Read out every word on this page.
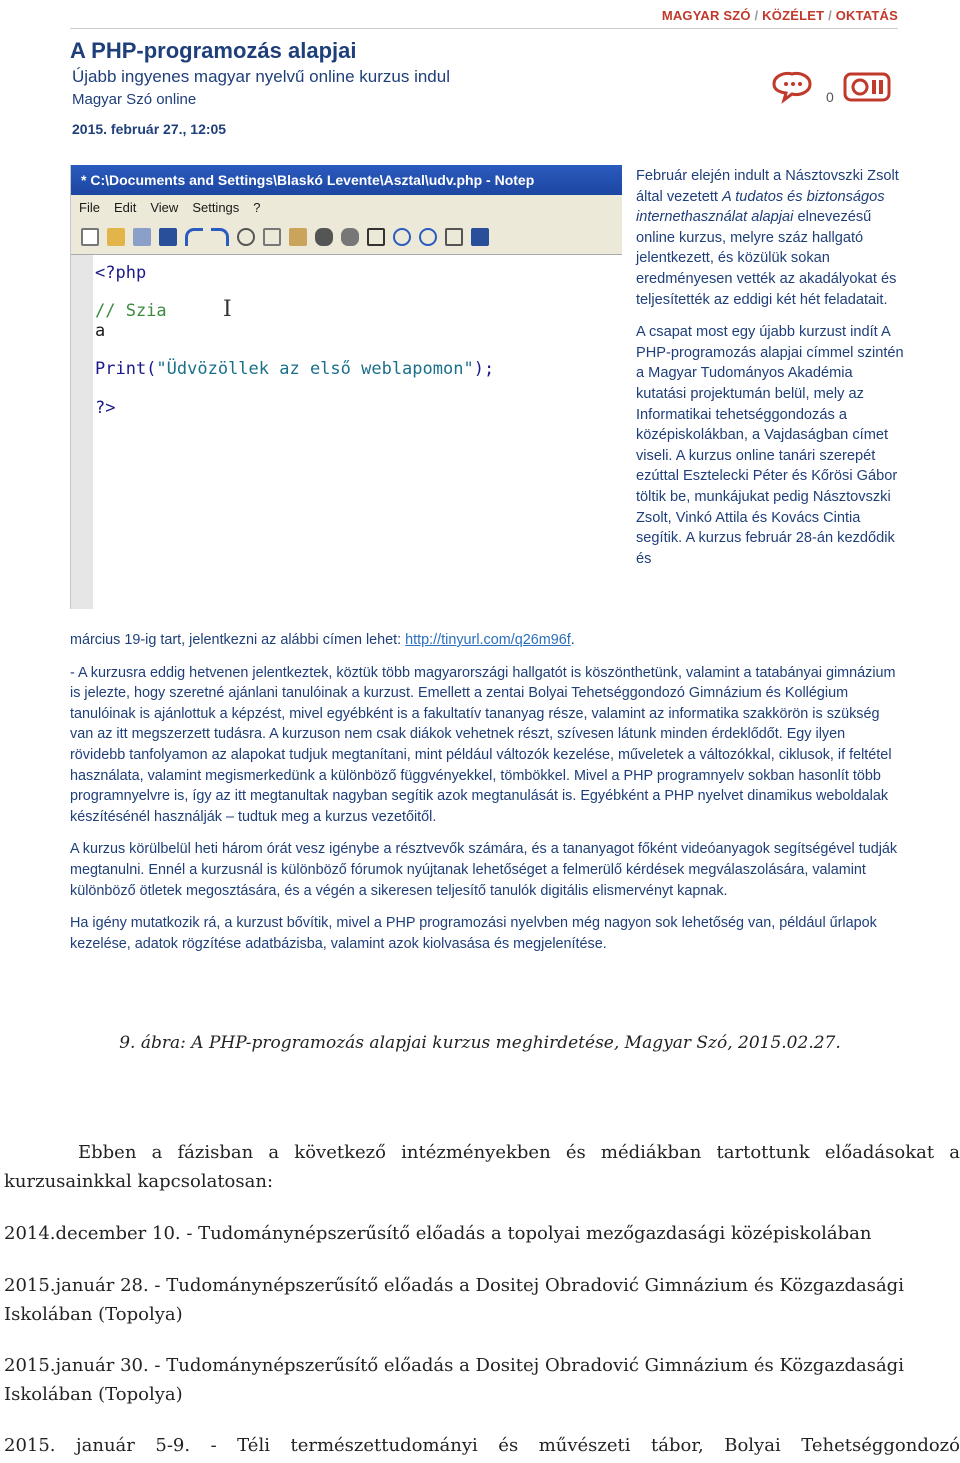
MAGYAR SZÓ / KÖZÉLET / OKTATÁS
A PHP-programozás alapjai
Újabb ingyenes magyar nyelvű online kurzus indul
Magyar Szó online
2015. február 27., 12:05
0
* C:\Documents and Settings\Blaskó Levente\Asztal\udv.php - Notep
File Edit View Settings ?
<?php
// Szia
a
Print("Üdvözöllek az első weblapomon");
?>
I

Február elején indult a Násztovszki Zsolt által vezetett A tudatos és biztonságos internethasználat alapjai elnevezésű online kurzus, melyre száz hallgató jelentkezett, és közülük sokan eredményesen vették az akadályokat és teljesítették az eddigi két hét feladatait.

A csapat most egy újabb kurzust indít A PHP-programozás alapjai címmel szintén a Magyar Tudományos Akadémia kutatási projektumán belül, mely az Informatikai tehetséggondozás a középiskolákban, a Vajdaságban címet viseli. A kurzus online tanári szerepét ezúttal Esztelecki Péter és Kőrösi Gábor töltik be, munkájukat pedig Násztovszki Zsolt, Vinkó Attila és Kovács Cintia segítik. A kurzus február 28-án kezdődik és

március 19-ig tart, jelentkezni az alábbi címen lehet: http://tinyurl.com/q26m96f.

- A kurzusra eddig hetvenen jelentkeztek, köztük több magyarországi hallgatót is köszönthetünk, valamint a tatabányai gimnázium is jelezte, hogy szeretné ajánlani tanulóinak a kurzust. Emellett a zentai Bolyai Tehetséggondozó Gimnázium és Kollégium tanulóinak is ajánlottuk a képzést, mivel egyébként is a fakultatív tananyag része, valamint az informatika szakkörön is szükség van az itt megszerzett tudásra. A kurzuson nem csak diákok vehetnek részt, szívesen látunk minden érdeklődőt. Egy ilyen rövidebb tanfolyamon az alapokat tudjuk megtanítani, mint például változók kezelése, műveletek a változókkal, ciklusok, if feltétel használata, valamint megismerkedünk a különböző függvényekkel, tömbökkel. Mivel a PHP programnyelv sokban hasonlít több programnyelvre is, így az itt megtanultak nagyban segítik azok megtanulását is. Egyébként a PHP nyelvet dinamikus weboldalak készítésénél használják – tudtuk meg a kurzus vezetőitől.

A kurzus körülbelül heti három órát vesz igénybe a résztvevők számára, és a tananyagot főként videóanyagok segítségével tudják megtanulni. Ennél a kurzusnál is különböző fórumok nyújtanak lehetőséget a felmerülő kérdések megválaszolására, valamint különböző ötletek megosztására, és a végén a sikeresen teljesítő tanulók digitális elismervényt kapnak.

Ha igény mutatkozik rá, a kurzust bővítik, mivel a PHP programozási nyelvben még nagyon sok lehetőség van, például űrlapok kezelése, adatok rögzítése adatbázisba, valamint azok kiolvasása és megjelenítése.

9. ábra: A PHP-programozás alapjai kurzus meghirdetése, Magyar Szó, 2015.02.27.
Ebben a fázisban a következő intézményekben és médiákban tartottunk előadásokat a kurzusainkkal kapcsolatosan:
2014.december 10. - Tudománynépszerűsítő előadás a topolyai mezőgazdasági középiskolában
2015.január 28. - Tudománynépszerűsítő előadás a Dositej Obradović Gimnázium és Közgazdasági Iskolában (Topolya)
2015.január 30. - Tudománynépszerűsítő előadás a Dositej Obradović Gimnázium és Közgazdasági Iskolában (Topolya)
2015. január 5-9. - Téli természettudományi és művészeti tábor, Bolyai Tehetséggondozó
